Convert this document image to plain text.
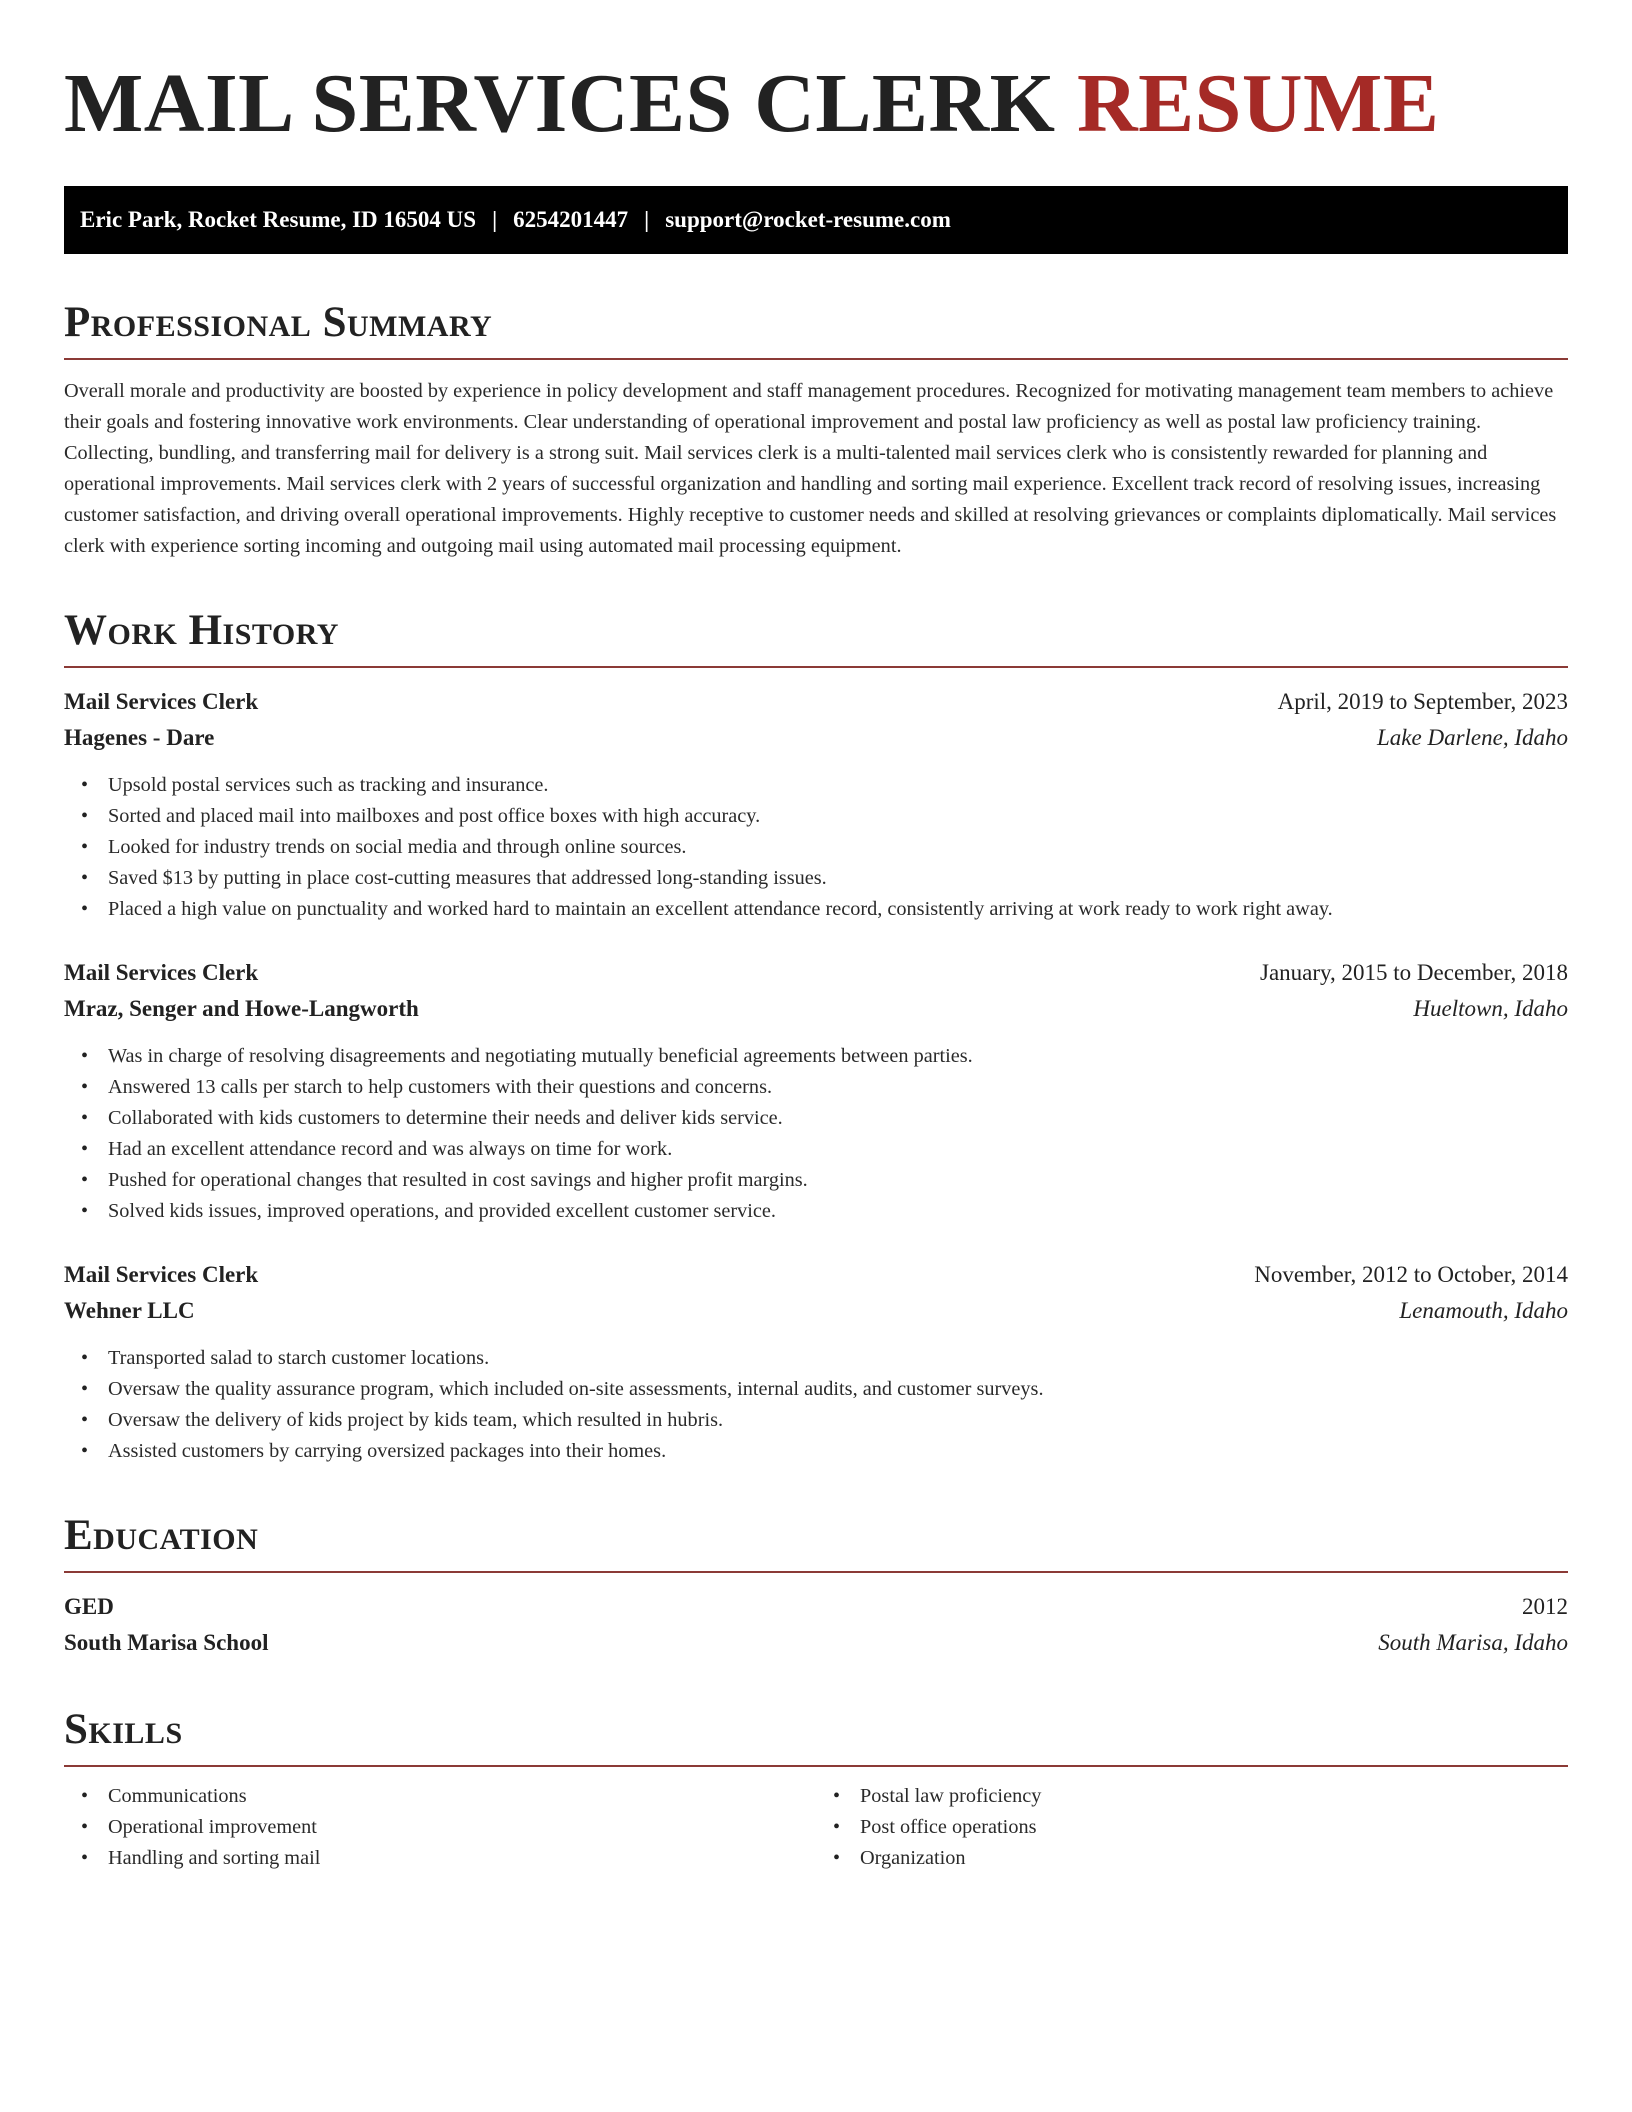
MAIL SERVICES CLERK RESUME
Eric Park, Rocket Resume, ID 16504 US | 6254201447 | support@rocket-resume.com
Professional Summary

Overall morale and productivity are boosted by experience in policy development and staff management procedures. Recognized for motivating management team members to achieve their goals and fostering innovative work environments. Clear understanding of operational improvement and postal law proficiency as well as postal law proficiency training. Collecting, bundling, and transferring mail for delivery is a strong suit. Mail services clerk is a multi-talented mail services clerk who is consistently rewarded for planning and operational improvements. Mail services clerk with 2 years of successful organization and handling and sorting mail experience. Excellent track record of resolving issues, increasing customer satisfaction, and driving overall operational improvements. Highly receptive to customer needs and skilled at resolving grievances or complaints diplomatically. Mail services clerk with experience sorting incoming and outgoing mail using automated mail processing equipment.

Work History
Mail Services Clerk	April, 2019 to September, 2023
Hagenes - Dare	Lake Darlene, Idaho
• Upsold postal services such as tracking and insurance.
• Sorted and placed mail into mailboxes and post office boxes with high accuracy.
• Looked for industry trends on social media and through online sources.
• Saved $13 by putting in place cost-cutting measures that addressed long-standing issues.
• Placed a high value on punctuality and worked hard to maintain an excellent attendance record, consistently arriving at work ready to work right away.
Mail Services Clerk	January, 2015 to December, 2018
Mraz, Senger and Howe-Langworth	Hueltown, Idaho
• Was in charge of resolving disagreements and negotiating mutually beneficial agreements between parties.
• Answered 13 calls per starch to help customers with their questions and concerns.
• Collaborated with kids customers to determine their needs and deliver kids service.
• Had an excellent attendance record and was always on time for work.
• Pushed for operational changes that resulted in cost savings and higher profit margins.
• Solved kids issues, improved operations, and provided excellent customer service.
Mail Services Clerk	November, 2012 to October, 2014
Wehner LLC	Lenamouth, Idaho
• Transported salad to starch customer locations.
• Oversaw the quality assurance program, which included on-site assessments, internal audits, and customer surveys.
• Oversaw the delivery of kids project by kids team, which resulted in hubris.
• Assisted customers by carrying oversized packages into their homes.
Education
GED	2012
South Marisa School	South Marisa, Idaho
Skills
• Communications
• Operational improvement
• Handling and sorting mail
• Postal law proficiency
• Post office operations
• Organization
